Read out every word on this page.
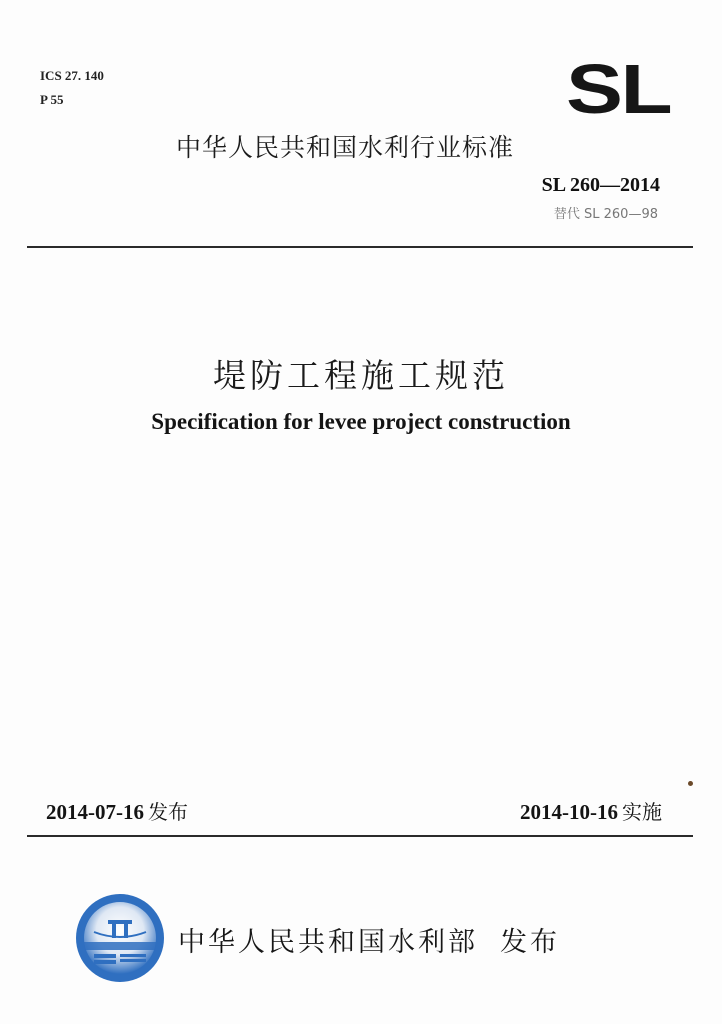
ICS 27. 140
P 55	SL
中华人民共和国水利行业标准
SL 260—2014
替代 SL 260—98
堤防工程施工规范
Specification for levee project construction
2014-07-16 发布	2014-10-16 实施
中华人民共和国水利部 发布
